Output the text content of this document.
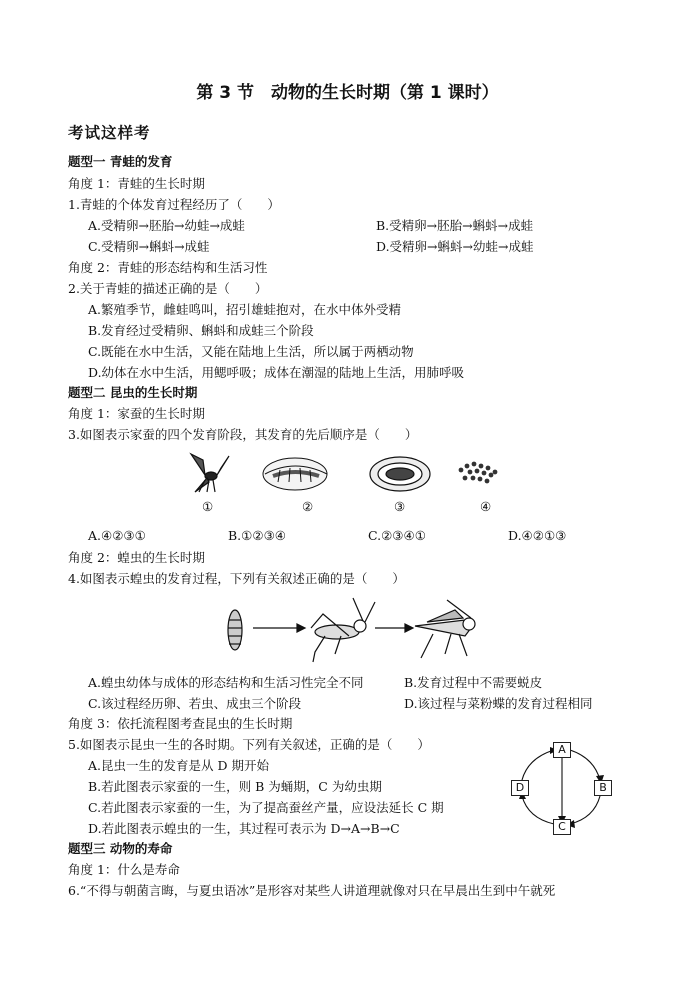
第 3 节　动物的生长时期（第 1 课时）
考试这样考
题型一 青蛙的发育
角度 1：青蛙的生长时期
1.青蛙的个体发育过程经历了（　　）
A.受精卵→胚胎→幼蛙→成蛙	B.受精卵→胚胎→蝌蚪→成蛙
C.受精卵→蝌蚪→成蛙	D.受精卵→蝌蚪→幼蛙→成蛙
角度 2：青蛙的形态结构和生活习性
2.关于青蛙的描述正确的是（　　）
A.繁殖季节，雌蛙鸣叫，招引雄蛙抱对，在水中体外受精
B.发育经过受精卵、蝌蚪和成蛙三个阶段
C.既能在水中生活，又能在陆地上生活，所以属于两栖动物
D.幼体在水中生活，用鳃呼吸；成体在潮湿的陆地上生活，用肺呼吸
题型二 昆虫的生长时期
角度 1：家蚕的生长时期
3.如图表示家蚕的四个发育阶段，其发育的先后顺序是（　　）
①	②	③	④
A.④②③①	B.①②③④	C.②③④①	D.④②①③
角度 2：蝗虫的生长时期
4.如图表示蝗虫的发育过程，下列有关叙述正确的是（　　）
A.蝗虫幼体与成体的形态结构和生活习性完全不同	B.发育过程中不需要蜕皮
C.该过程经历卵、若虫、成虫三个阶段	D.该过程与菜粉蝶的发育过程相同
角度 3：依托流程图考查昆虫的生长时期
5.如图表示昆虫一生的各时期。下列有关叙述，正确的是（　　）
A.昆虫一生的发育是从 D 期开始
B.若此图表示家蚕的一生，则 B 为蛹期，C 为幼虫期
C.若此图表示家蚕的一生，为了提高蚕丝产量，应设法延长 C 期
D.若此图表示蝗虫的一生，其过程可表示为 D→A→B→C
A
B
C
D
题型三 动物的寿命
角度 1：什么是寿命
6.“不得与朝菌言晦，与夏虫语冰”是形容对某些人讲道理就像对只在早晨出生到中午就死
